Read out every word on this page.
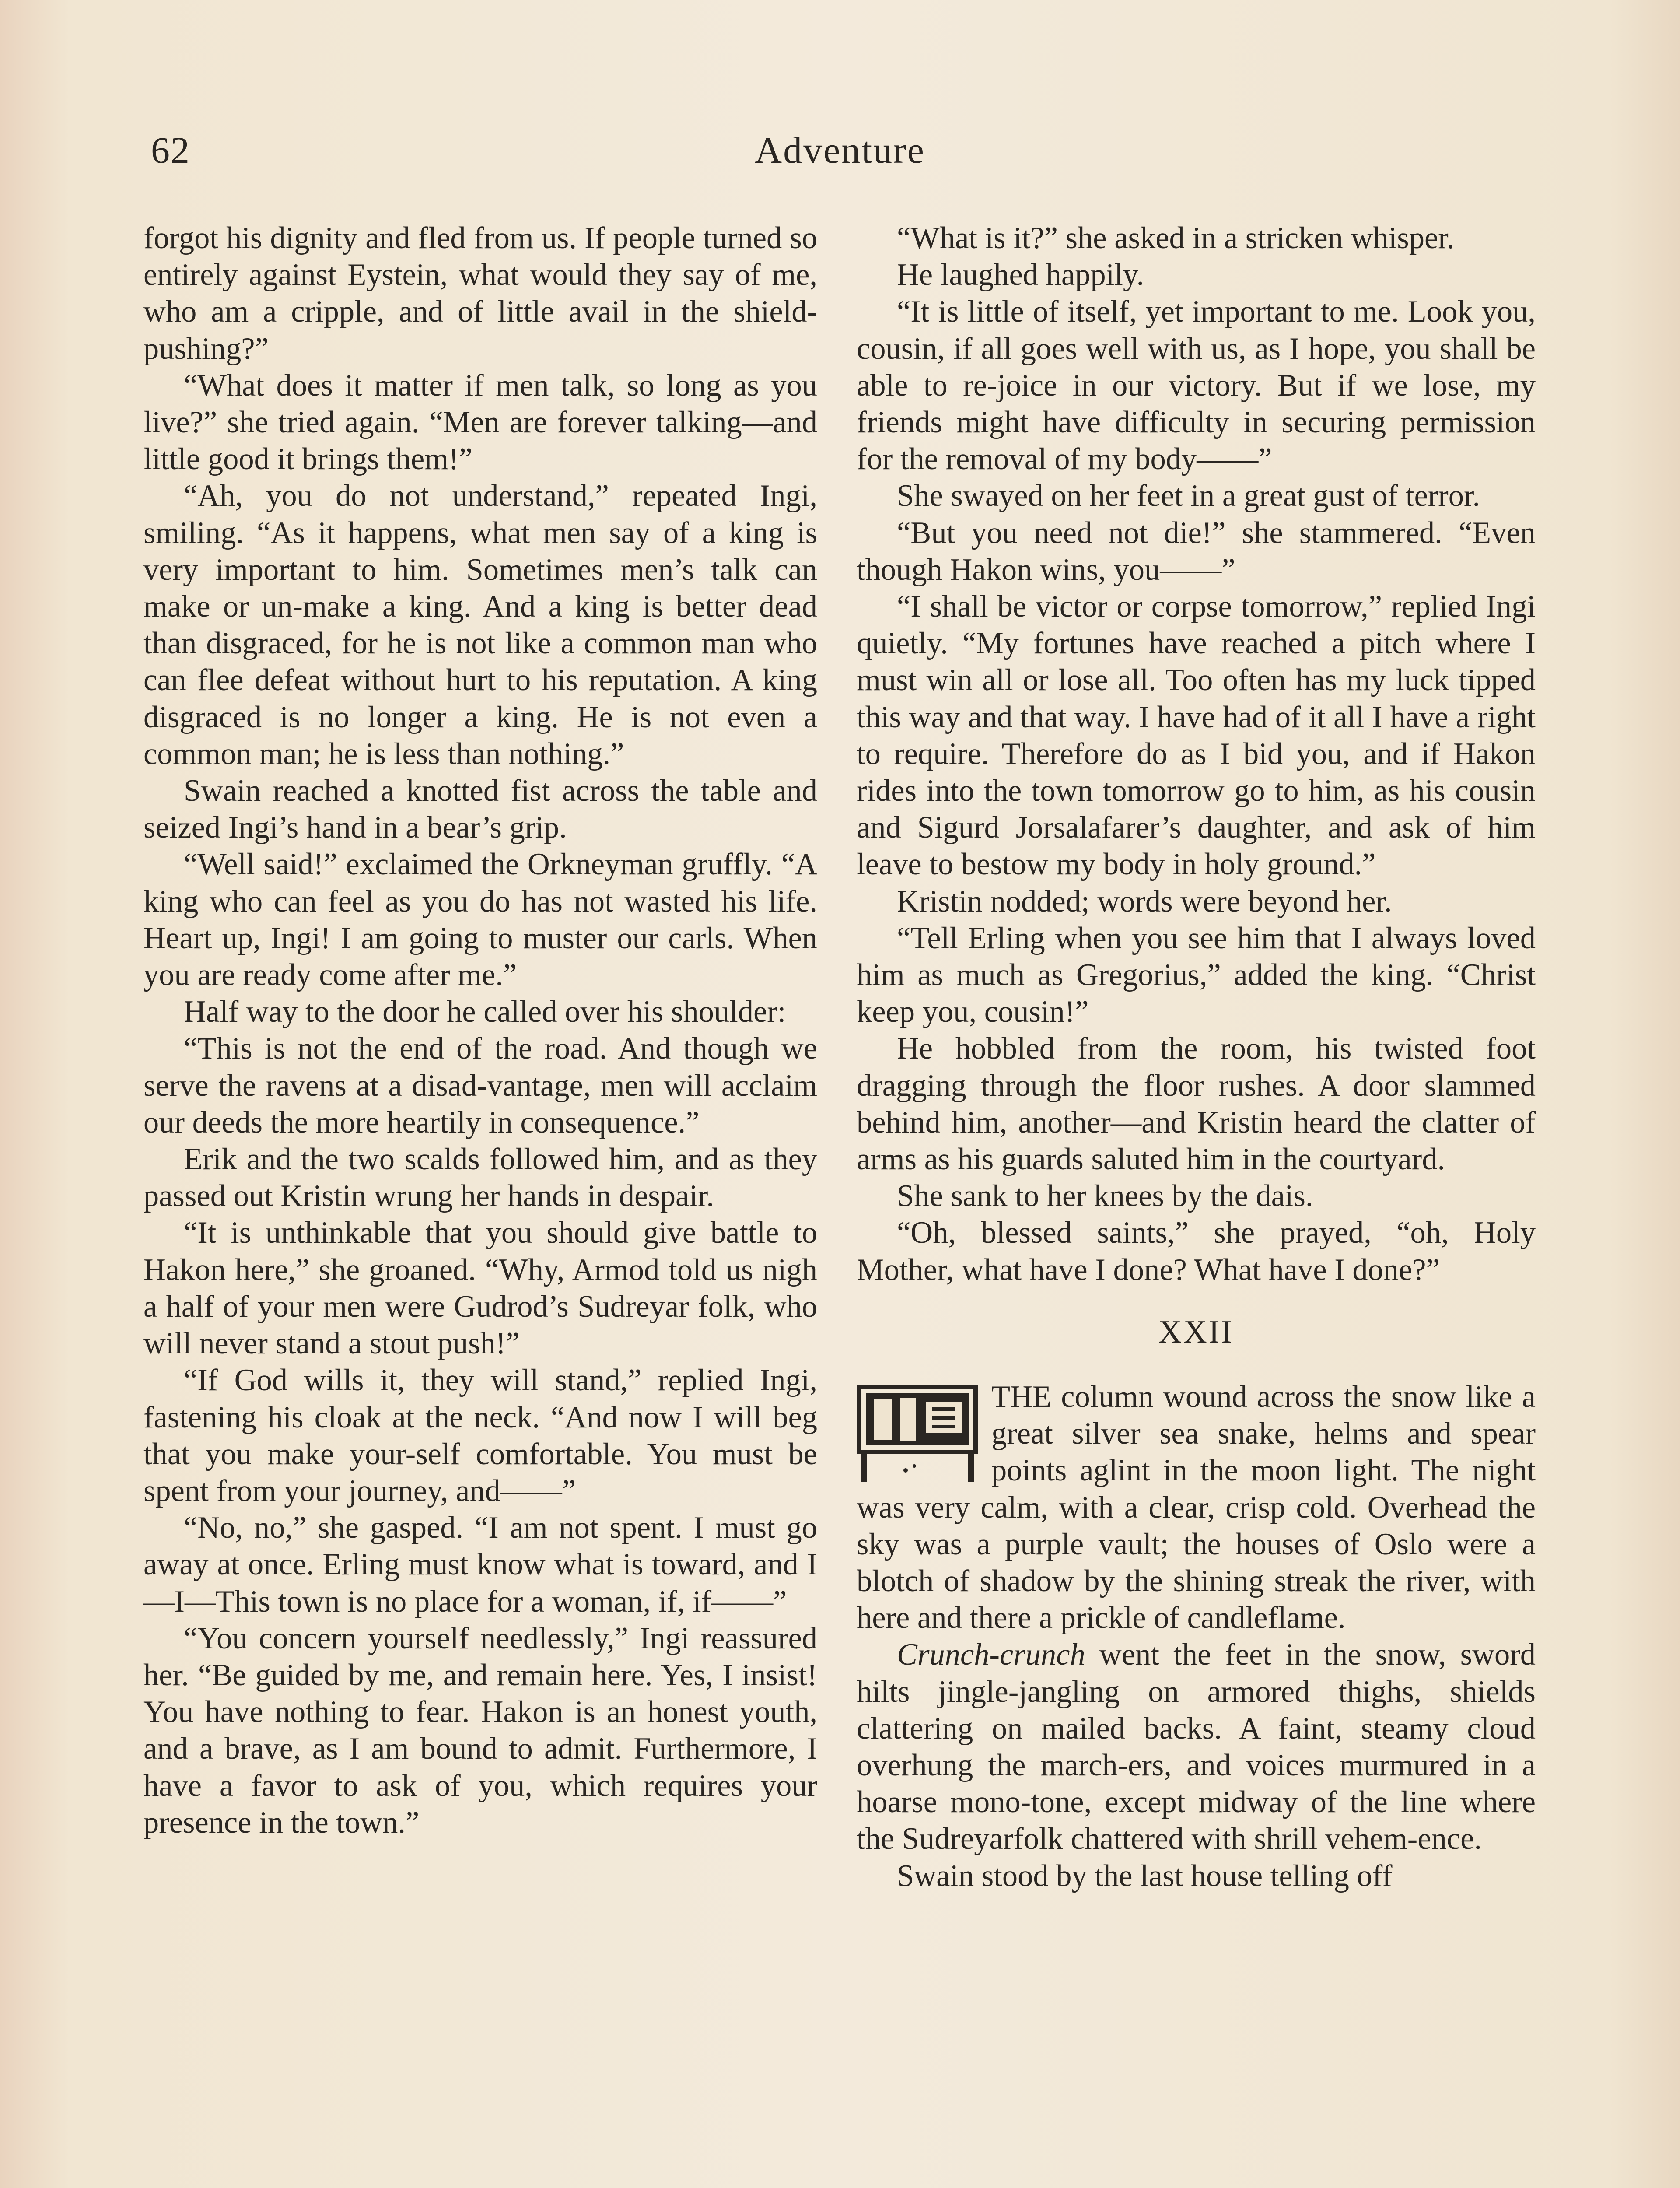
62	Adventure

forgot his dignity and fled from us. If people turned so entirely against Eystein, what would they say of me, who am a cripple, and of little avail in the shield-pushing?”

“What does it matter if men talk, so long as you live?” she tried again. “Men are forever talking—and little good it brings them!”

“Ah, you do not understand,” repeated Ingi, smiling. “As it happens, what men say of a king is very important to him. Sometimes men’s talk can make or un-make a king. And a king is better dead than disgraced, for he is not like a common man who can flee defeat without hurt to his reputation. A king disgraced is no longer a king. He is not even a common man; he is less than nothing.”

Swain reached a knotted fist across the table and seized Ingi’s hand in a bear’s grip.

“Well said!” exclaimed the Orkneyman gruffly. “A king who can feel as you do has not wasted his life. Heart up, Ingi! I am going to muster our carls. When you are ready come after me.”

Half way to the door he called over his shoulder:

“This is not the end of the road. And though we serve the ravens at a disad-vantage, men will acclaim our deeds the more heartily in consequence.”

Erik and the two scalds followed him, and as they passed out Kristin wrung her hands in despair.

“It is unthinkable that you should give battle to Hakon here,” she groaned. “Why, Armod told us nigh a half of your men were Gudrod’s Sudreyar folk, who will never stand a stout push!”

“If God wills it, they will stand,” replied Ingi, fastening his cloak at the neck. “And now I will beg that you make your-self comfortable. You must be spent from your journey, and——”

“No, no,” she gasped. “I am not spent. I must go away at once. Erling must know what is toward, and I—I—This town is no place for a woman, if, if——”

“You concern yourself needlessly,” Ingi reassured her. “Be guided by me, and remain here. Yes, I insist! You have nothing to fear. Hakon is an honest youth, and a brave, as I am bound to admit. Furthermore, I have a favor to ask of you, which requires your presence in the town.”

“What is it?” she asked in a stricken whisper.

He laughed happily.

“It is little of itself, yet important to me. Look you, cousin, if all goes well with us, as I hope, you shall be able to re-joice in our victory. But if we lose, my friends might have difficulty in securing permission for the removal of my body——”

She swayed on her feet in a great gust of terror.

“But you need not die!” she stammered. “Even though Hakon wins, you——”

“I shall be victor or corpse tomorrow,” replied Ingi quietly. “My fortunes have reached a pitch where I must win all or lose all. Too often has my luck tipped this way and that way. I have had of it all I have a right to require. Therefore do as I bid you, and if Hakon rides into the town tomorrow go to him, as his cousin and Sigurd Jorsalafarer’s daughter, and ask of him leave to bestow my body in holy ground.”

Kristin nodded; words were beyond her.

“Tell Erling when you see him that I always loved him as much as Gregorius,” added the king. “Christ keep you, cousin!”

He hobbled from the room, his twisted foot dragging through the floor rushes. A door slammed behind him, another—and Kristin heard the clatter of arms as his guards saluted him in the courtyard.

She sank to her knees by the dais.

“Oh, blessed saints,” she prayed, “oh, Holy Mother, what have I done? What have I done?”

XXII

THE column wound across the snow like a great silver sea snake, helms and spear points aglint in the moon light. The night was very calm, with a clear, crisp cold. Overhead the sky was a purple vault; the houses of Oslo were a blotch of shadow by the shining streak the river, with here and there a prickle of candleflame.

Crunch-crunch went the feet in the snow, sword hilts jingle-jangling on armored thighs, shields clattering on mailed backs. A faint, steamy cloud overhung the march-ers, and voices murmured in a hoarse mono-tone, except midway of the line where the Sudreyarfolk chattered with shrill vehem-ence.

Swain stood by the last house telling off
